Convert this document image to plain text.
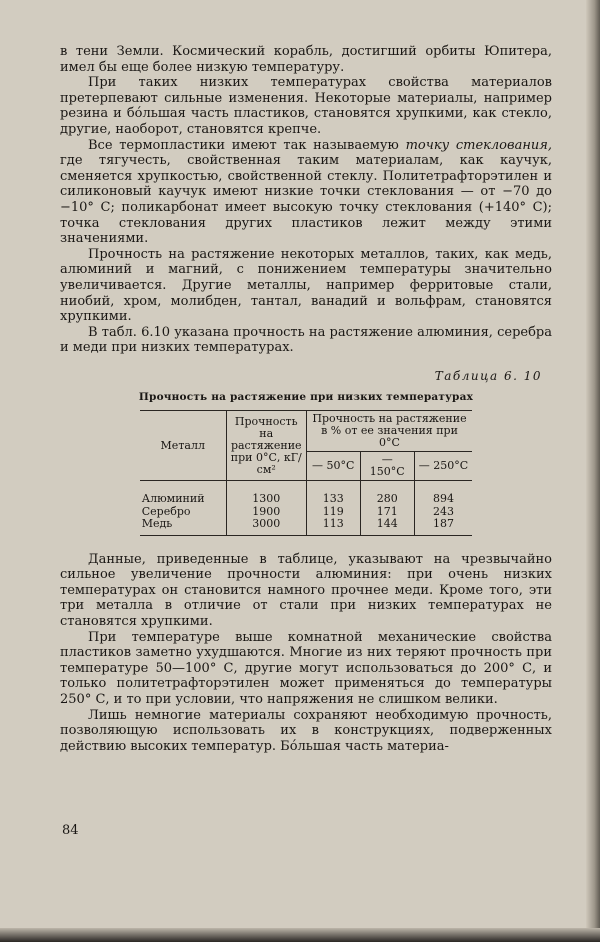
в тени Земли. Космический корабль, достигший орбиты Юпитера, имел бы еще более низкую температуру.

При таких низких температурах свойства материалов претерпевают сильные изменения. Некоторые материалы, например резина и бóльшая часть пластиков, становятся хрупкими, как стекло, другие, наоборот, становятся крепче.

Все термопластики имеют так называемую точку стеклования, где тягучесть, свойственная таким материалам, как каучук, сменяется хрупкостью, свойственной стеклу. Политетрафторэтилен и силиконовый каучук имеют низкие точки стеклования — от −70 до −10° С; поликарбонат имеет высокую точку стеклования (+140° С); точка стеклования других пластиков лежит между этими значениями.

Прочность на растяжение некоторых металлов, таких, как медь, алюминий и магний, с понижением температуры значительно увеличивается. Другие металлы, например ферритовые стали, ниобий, хром, молибден, тантал, ванадий и вольфрам, становятся хрупкими.

В табл. 6.10 указана прочность на растяжение алюминия, серебра и меди при низких температурах.

Таблица 6. 10
Прочность на растяжение при низких температурах
Металл	Прочность на растяжение при 0°С, кГ/см²	Прочность на растяжение в % от ее значения при 0°С		
		— 50°С	— 150°С	— 250°С
Алюминий	1300	133	280	894
Серебро	1900	119	171	243
Медь	3000	113	144	187

Данные, приведенные в таблице, указывают на чрезвычайно сильное увеличение прочности алюминия: при очень низких температурах он становится намного прочнее меди. Кроме того, эти три металла в отличие от стали при низких температурах не становятся хрупкими.

При температуре выше комнатной механические свойства пластиков заметно ухудшаются. Многие из них теряют прочность при температуре 50—100° С, другие могут использоваться до 200° С, и только политетрафторэтилен может применяться до температуры 250° С, и то при условии, что напряжения не слишком велики.

Лишь немногие материалы сохраняют необходимую прочность, позволяющую использовать их в конструкциях, подверженных действию высоких температур. Бóльшая часть материа-

84
